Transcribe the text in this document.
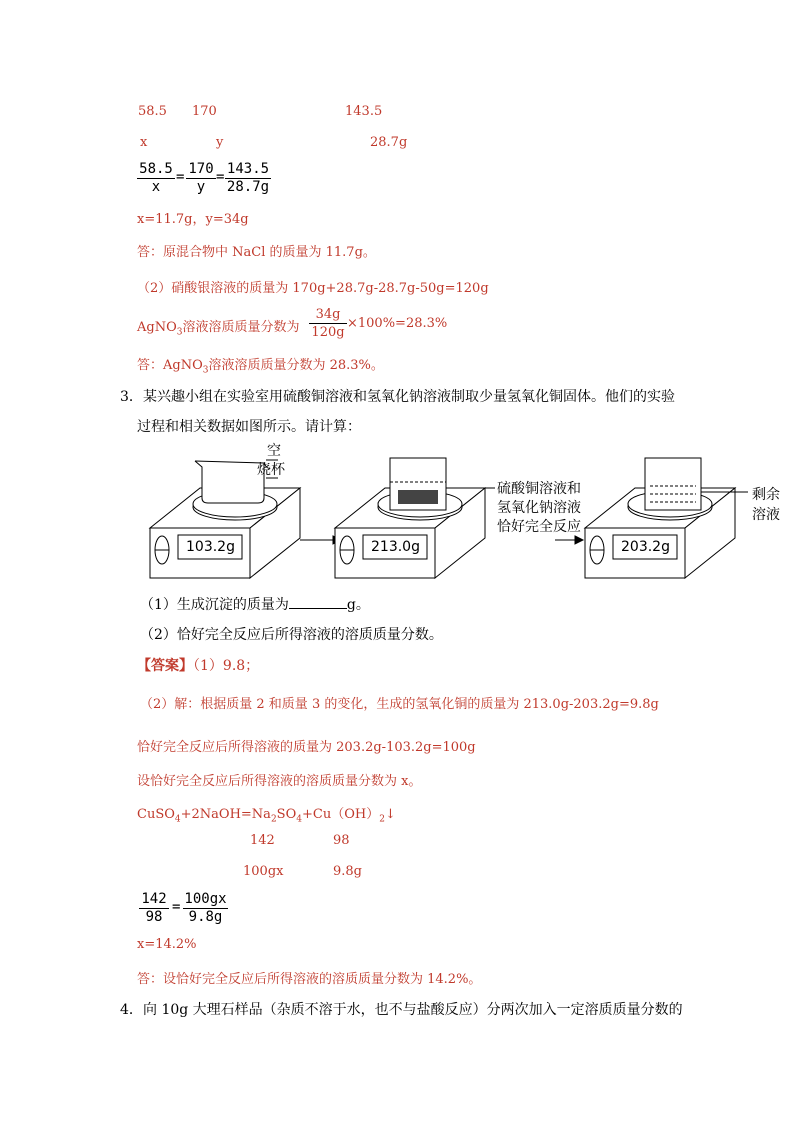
58.5 170	143.5
x	y	28.7g
$\frac{58.5}{x} = \frac{170}{y} = \frac{143.5}{28.7g}$
x=11.7g，y=34g
答：原混合物中 NaCl 的质量为 11.7g。
（2）硝酸银溶液的质量为 170g+28.7g-28.7g-50g=120g
AgNO$_3$溶液溶质质量分数为 $\frac{34g}{120g} \times 100\%=28.3\%$
答：AgNO$_3$溶液溶质质量分数为 28.3%。
3． 某兴趣小组在实验室用硫酸铜溶液和氢氧化钠溶液制取少量氢氧化铜固体。他们的实验
过程和相关数据如图所示。请计算：
空
烧杯
103.2g	213.0g	203.2g
硫酸铜溶液和
氢氧化钠溶液
恰好完全反应
剩余
溶液
（1）生成沉淀的质量为	g。
（2）恰好完全反应后所得溶液的溶质质量分数。
【答案】（1）9.8；
（2）解：根据质量 2 和质量 3 的变化，生成的氢氧化铜的质量为 213.0g-203.2g=9.8g
恰好完全反应后所得溶液的质量为 203.2g-103.2g=100g
设恰好完全反应后所得溶液的溶质质量分数为 x。
$CuSO_4+2NaOH=Na_2SO_4+Cu(OH)_2↓$
142	98
100gx	9.8g
$\frac{142}{98} = \frac{100gx}{9.8g}$
x=14.2%
答：设恰好完全反应后所得溶液的溶质质量分数为 14.2%。
4． 向 10g 大理石样品（杂质不溶于水，也不与盐酸反应）分两次加入一定溶质质量分数的
